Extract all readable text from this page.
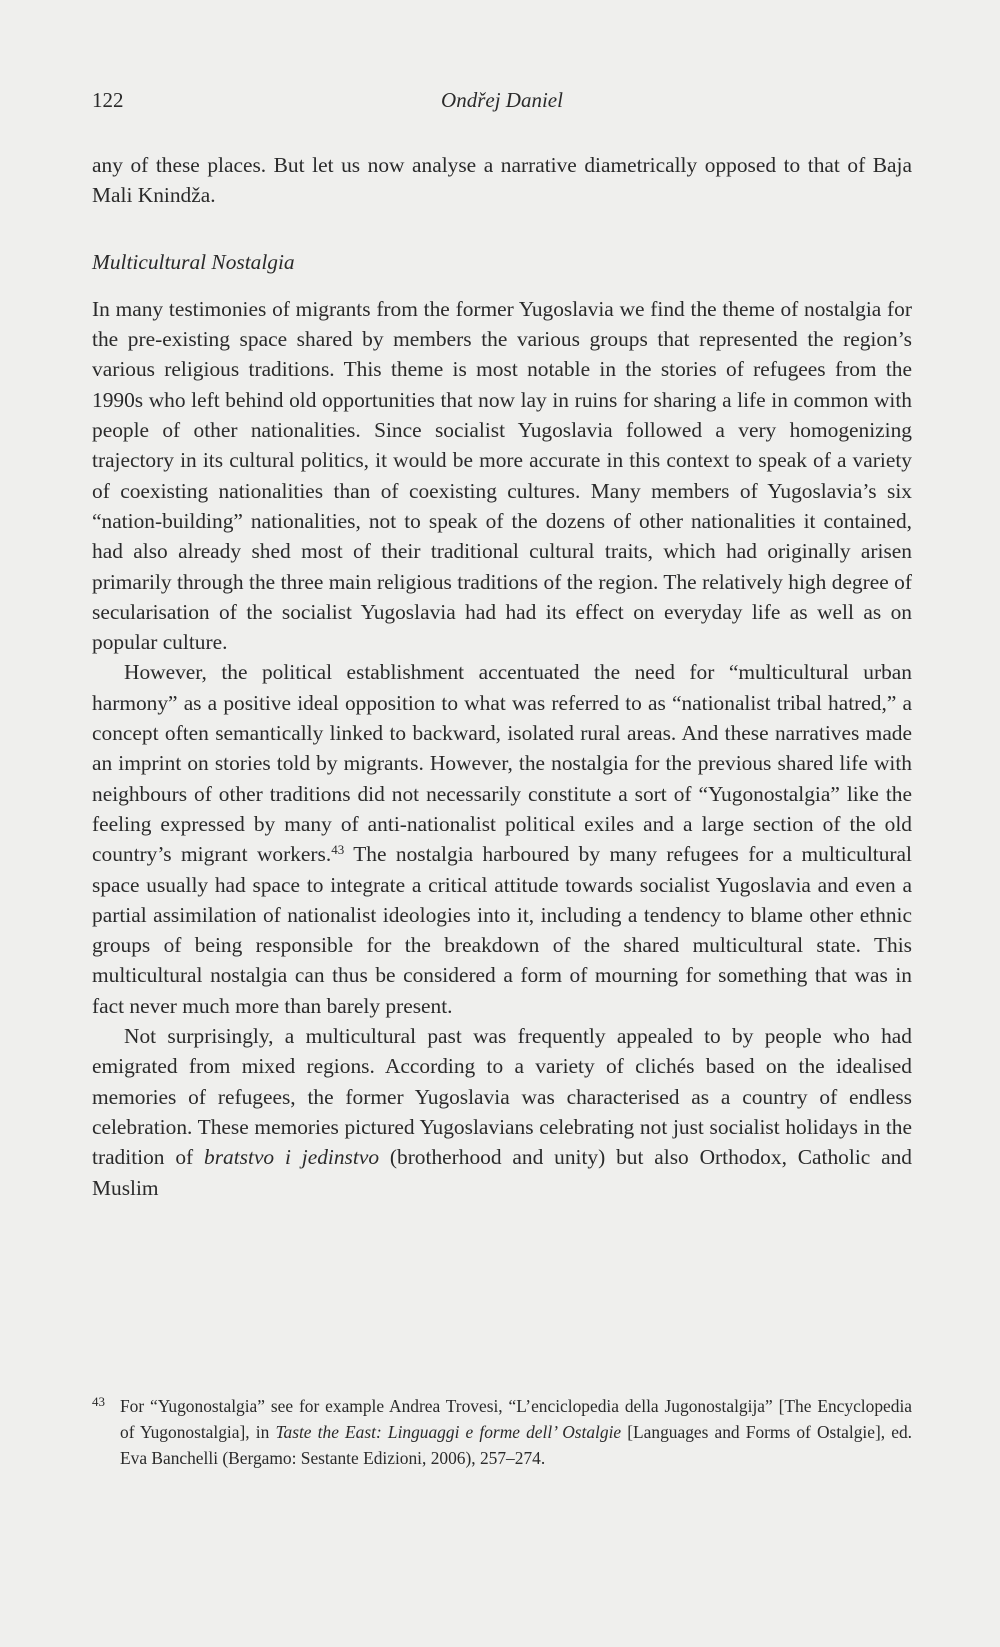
122	Ondřej Daniel

any of these places. But let us now analyse a narrative diametrically opposed to that of Baja Mali Knindža.

Multicultural Nostalgia

In many testimonies of migrants from the former Yugoslavia we find the theme of nostalgia for the pre-existing space shared by members the various groups that represented the region’s various religious traditions. This theme is most notable in the stories of refugees from the 1990s who left behind old opportunities that now lay in ruins for sharing a life in common with people of other nationalities. Since socialist Yugoslavia followed a very homogenizing trajectory in its cultural politics, it would be more accurate in this context to speak of a variety of coexisting nationalities than of coexisting cultures. Many members of Yugoslavia’s six “nation-building” nationalities, not to speak of the dozens of other nationalities it contained, had also already shed most of their traditional cultural traits, which had originally arisen primarily through the three main religious traditions of the region. The relatively high degree of secularisation of the socialist Yugoslavia had had its effect on everyday life as well as on popular culture.

However, the political establishment accentuated the need for “multicultural urban harmony” as a positive ideal opposition to what was referred to as “nationalist tribal hatred,” a concept often semantically linked to backward, isolated rural areas. And these narratives made an imprint on stories told by migrants. However, the nostalgia for the previous shared life with neighbours of other traditions did not necessarily constitute a sort of “Yugonostalgia” like the feeling expressed by many of anti-nationalist political exiles and a large section of the old country’s migrant workers.$^{43}$ The nostalgia harboured by many refugees for a multicultural space usually had space to integrate a critical attitude towards socialist Yugoslavia and even a partial assimilation of nationalist ideologies into it, including a tendency to blame other ethnic groups of being responsible for the breakdown of the shared multicultural state. This multicultural nostalgia can thus be considered a form of mourning for something that was in fact never much more than barely present.

Not surprisingly, a multicultural past was frequently appealed to by people who had emigrated from mixed regions. According to a variety of clichés based on the idealised memories of refugees, the former Yugoslavia was characterised as a country of endless celebration. These memories pictured Yugoslavians celebrating not just socialist holidays in the tradition of bratstvo i jedinstvo (brotherhood and unity) but also Orthodox, Catholic and Muslim

43 For “Yugonostalgia” see for example Andrea Trovesi, “L’enciclopedia della Jugonostalgija” [The Encyclopedia of Yugonostalgia], in Taste the East: Linguaggi e forme dell’ Ostalgie [Languages and Forms of Ostalgie], ed. Eva Banchelli (Bergamo: Sestante Edizioni, 2006), 257–274.
